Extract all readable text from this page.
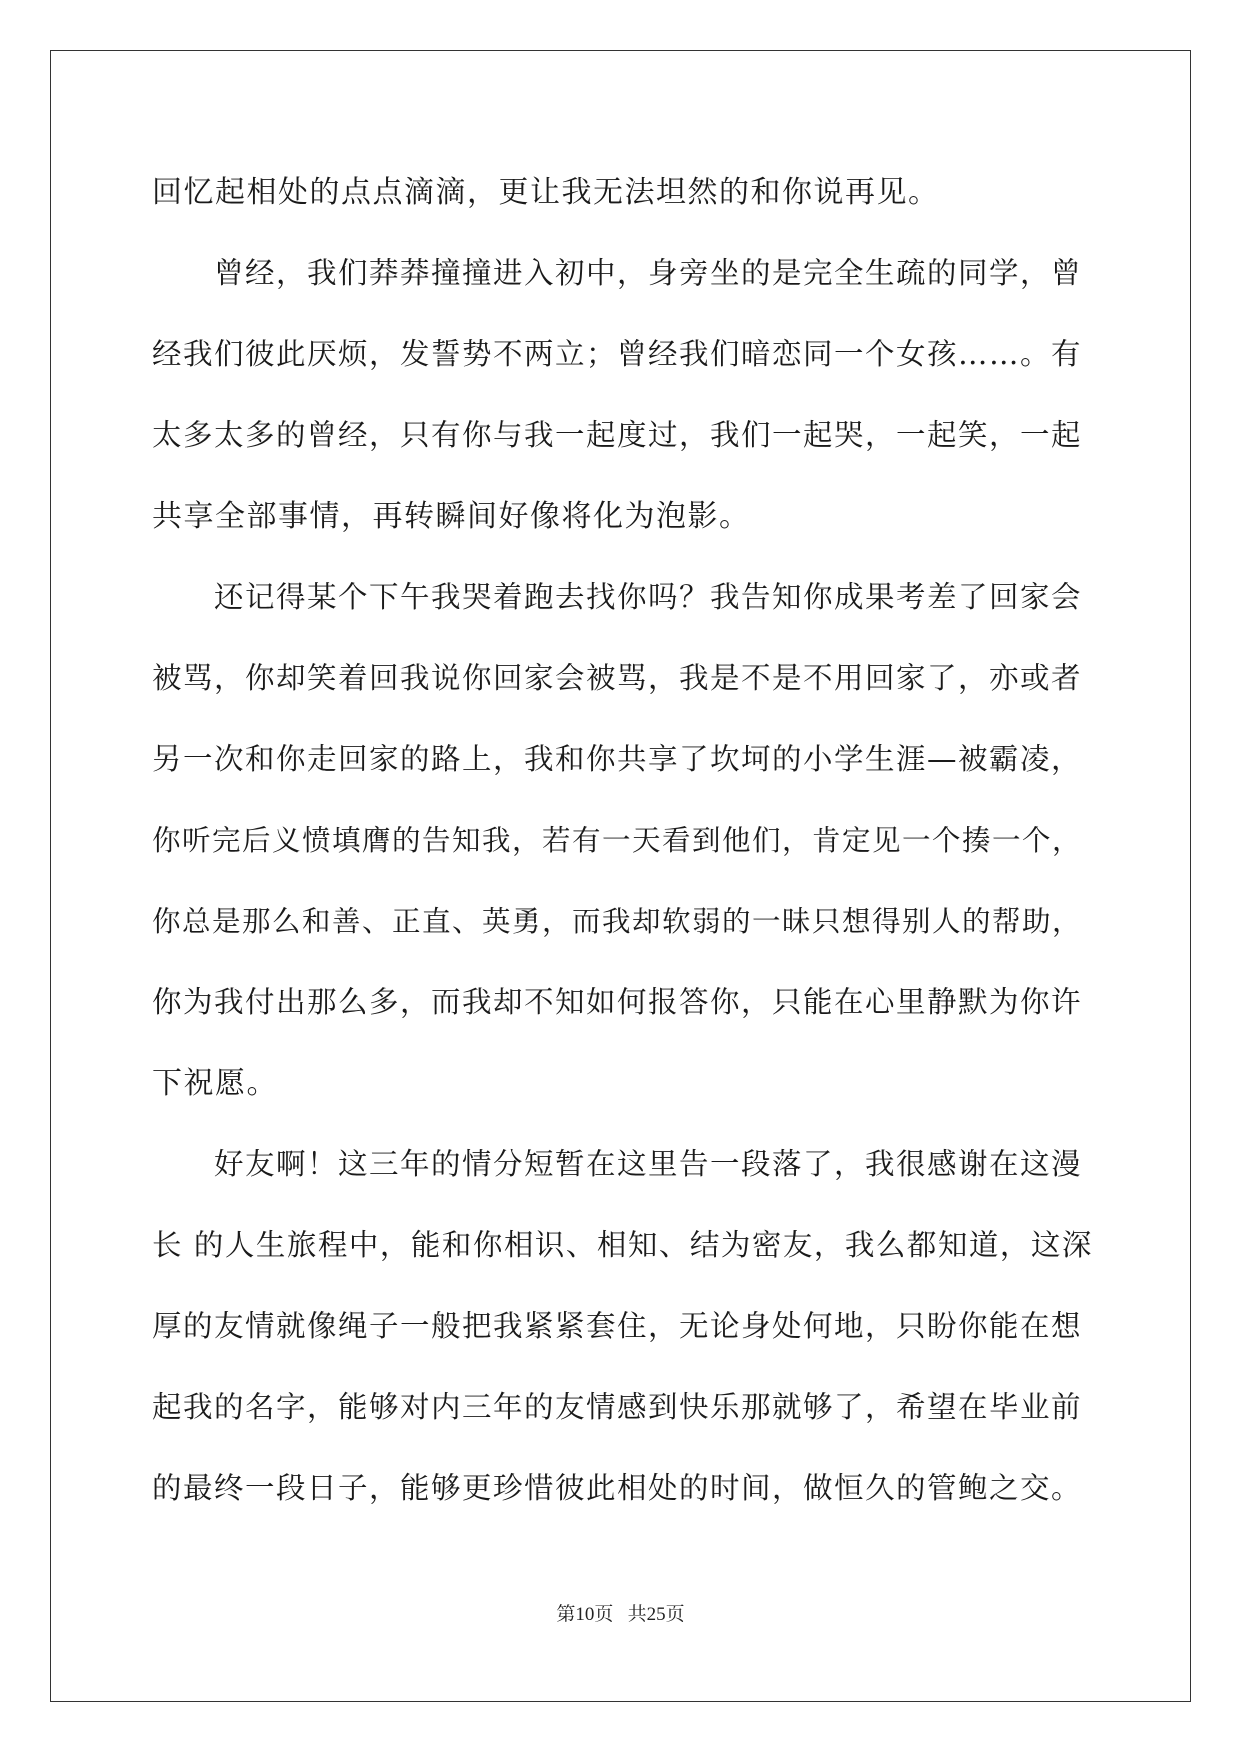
回忆起相处的点点滴滴，更让我无法坦然的和你说再见。
曾经，我们莽莽撞撞进入初中，身旁坐的是完全生疏的同学，曾
经我们彼此厌烦，发誓势不两立；曾经我们暗恋同一个女孩……。有
太多太多的曾经，只有你与我一起度过，我们一起哭，一起笑，一起
共享全部事情，再转瞬间好像将化为泡影。
还记得某个下午我哭着跑去找你吗？我告知你成果考差了回家会
被骂，你却笑着回我说你回家会被骂，我是不是不用回家了，亦或者
另一次和你走回家的路上，我和你共享了坎坷的小学生涯—被霸凌，
你听完后义愤填膺的告知我，若有一天看到他们，肯定见一个揍一个，
你总是那么和善、正直、英勇，而我却软弱的一昧只想得别人的帮助，
你为我付出那么多，而我却不知如何报答你，只能在心里静默为你许
下祝愿。
好友啊！这三年的情分短暂在这里告一段落了，我很感谢在这漫
长 的人生旅程中，能和你相识、相知、结为密友，我么都知道，这深
厚的友情就像绳子一般把我紧紧套住，无论身处何地，只盼你能在想
起我的名字，能够对内三年的友情感到快乐那就够了，希望在毕业前
的最终一段日子，能够更珍惜彼此相处的时间，做恒久的管鲍之交。
第10页   共25页
